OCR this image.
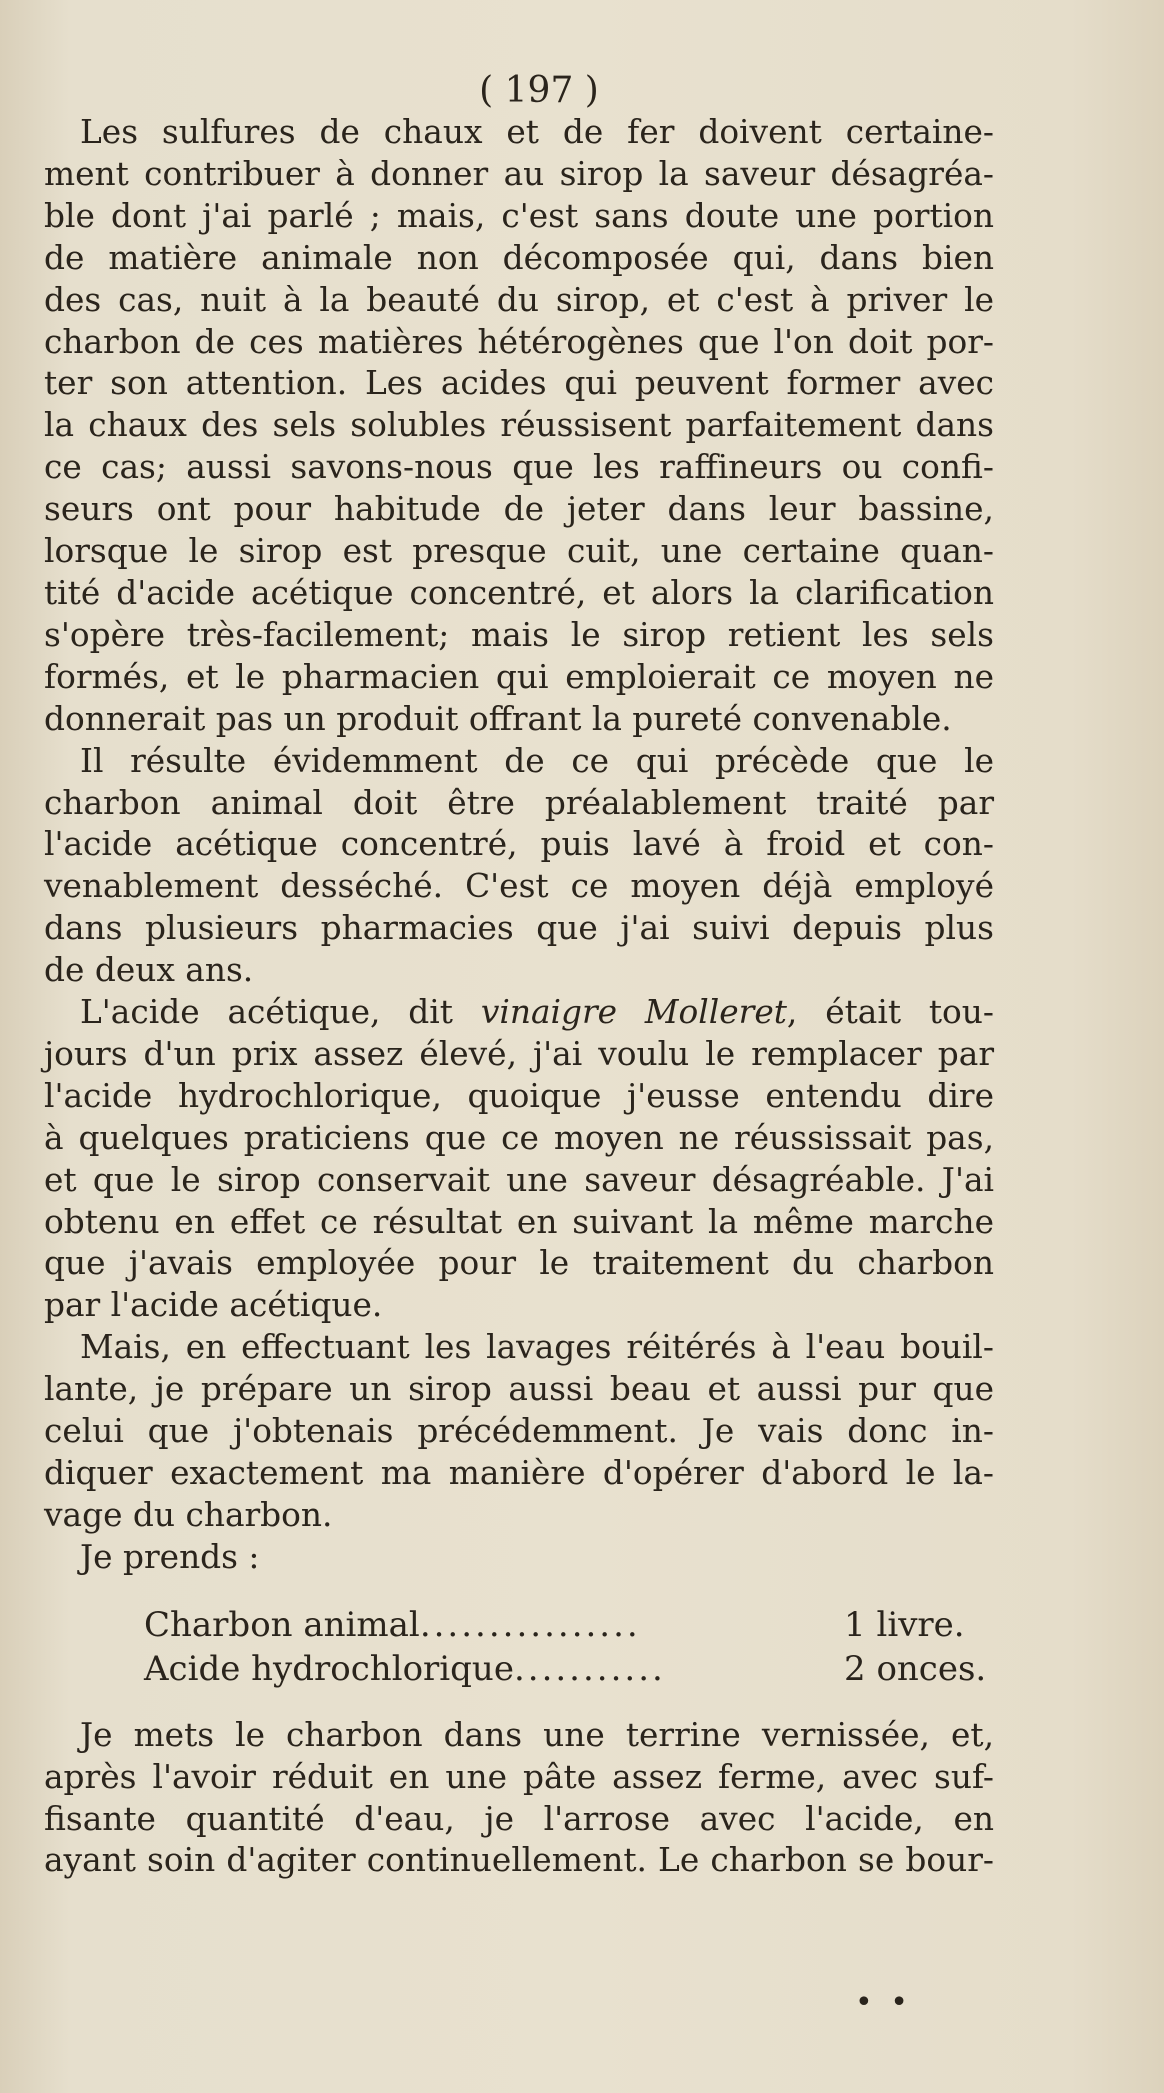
( 197 )
Les sulfures de chaux et de fer doivent certaine-
ment contribuer à donner au sirop la saveur désagréa-
ble dont j'ai parlé ; mais, c'est sans doute une portion
de matière animale non décomposée qui, dans bien
des cas, nuit à la beauté du sirop, et c'est à priver le
charbon de ces matières hétérogènes que l'on doit por-
ter son attention. Les acides qui peuvent former avec
la chaux des sels solubles réussisent parfaitement dans
ce cas; aussi savons-nous que les raffineurs ou confi-
seurs ont pour habitude de jeter dans leur bassine,
lorsque le sirop est presque cuit, une certaine quan-
tité d'acide acétique concentré, et alors la clarification
s'opère très-facilement; mais le sirop retient les sels
formés, et le pharmacien qui emploierait ce moyen ne
donnerait pas un produit offrant la pureté convenable.
Il résulte évidemment de ce qui précède que le
charbon animal doit être préalablement traité par
l'acide acétique concentré, puis lavé à froid et con-
venablement desséché. C'est ce moyen déjà employé
dans plusieurs pharmacies que j'ai suivi depuis plus
de deux ans.
L'acide acétique, dit vinaigre Molleret, était tou-
jours d'un prix assez élevé, j'ai voulu le remplacer par
l'acide hydrochlorique, quoique j'eusse entendu dire
à quelques praticiens que ce moyen ne réussissait pas,
et que le sirop conservait une saveur désagréable. J'ai
obtenu en effet ce résultat en suivant la même marche
que j'avais employée pour le traitement du charbon
par l'acide acétique.
Mais, en effectuant les lavages réitérés à l'eau bouil-
lante, je prépare un sirop aussi beau et aussi pur que
celui que j'obtenais précédemment. Je vais donc in-
diquer exactement ma manière d'opérer d'abord le la-
vage du charbon.
Je prends :
Charbon animal ................	1 livre.
Acide hydrochlorique ...........	2 onces.
Je mets le charbon dans une terrine vernissée, et,
après l'avoir réduit en une pâte assez ferme, avec suf-
fisante quantité d'eau, je l'arrose avec l'acide, en
ayant soin d'agiter continuellement. Le charbon se bour-
• •
